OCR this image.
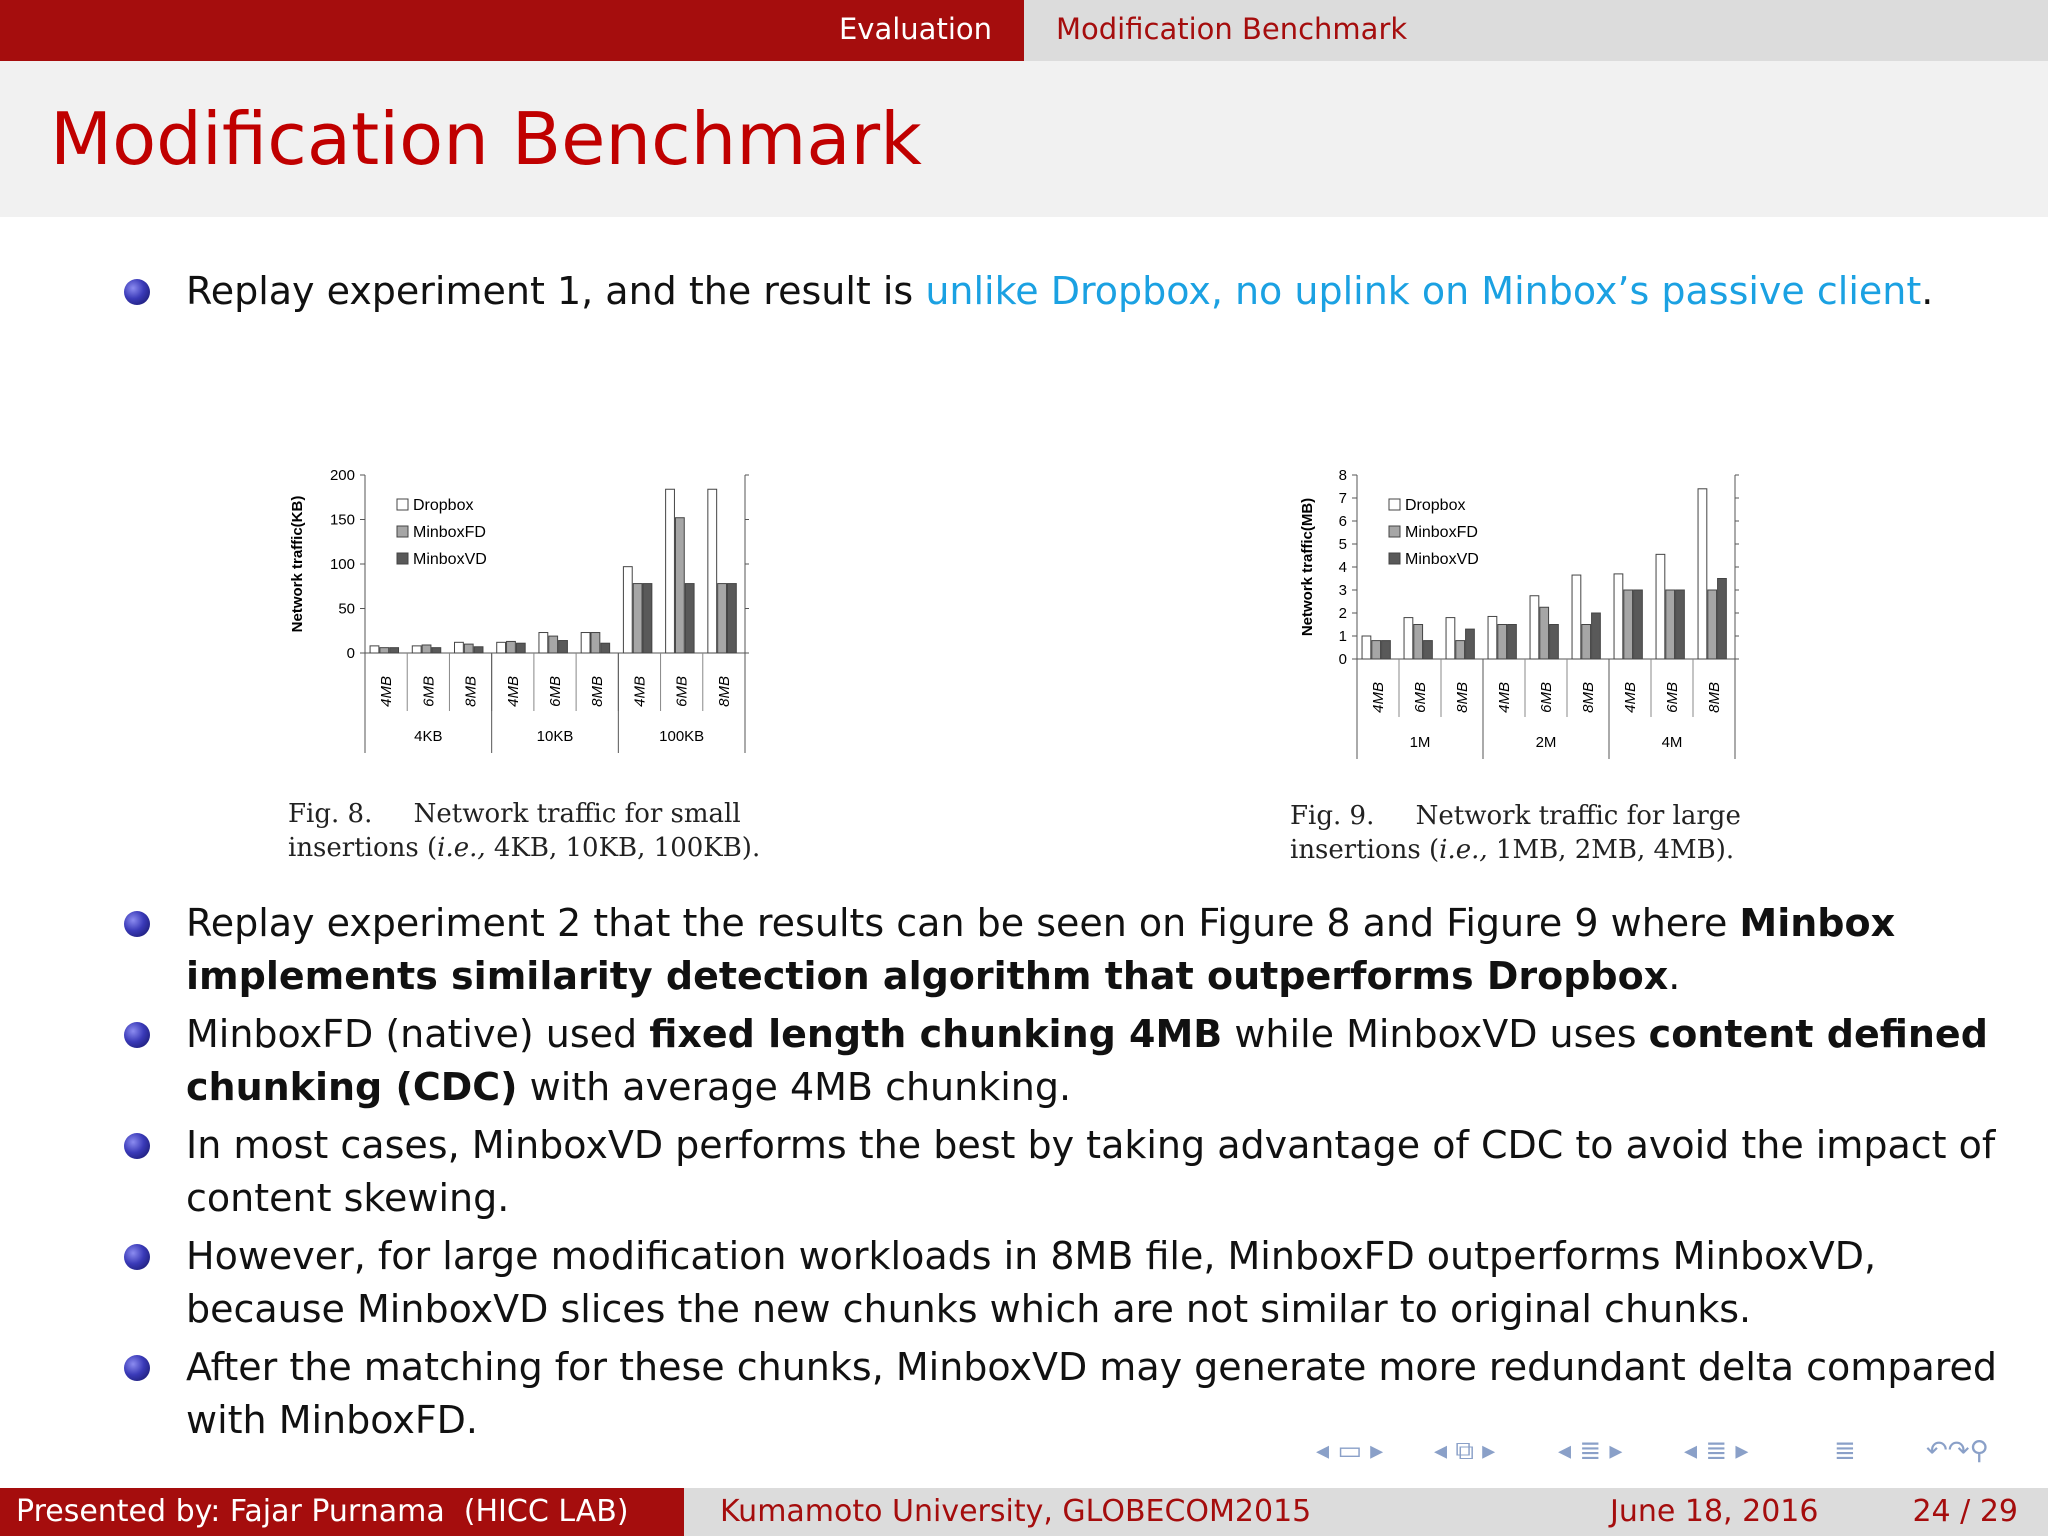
Evaluation Modification Benchmark
Modification Benchmark
Replay experiment 1, and the result is unlike Dropbox, no uplink on Minbox’s passive client.
Network traffic(KB)
0
50
100
150
200
4MB 6MB 8MB 4MB 6MB 8MB 4MB 6MB 8MB
4KB	10KB	100KB
Dropbox
MinboxFD
MinboxVD
Fig. 8.     Network traffic for small
insertions (i.e., 4KB, 10KB, 100KB).
Network traffic(MB)
0
1
2
3
4
5
6
7
8
4MB 6MB 8MB 4MB 6MB 8MB 4MB 6MB 8MB
1M	2M	4M
Dropbox
MinboxFD
MinboxVD
Fig. 9.     Network traffic for large
insertions (i.e., 1MB, 2MB, 4MB).
Replay experiment 2 that the results can be seen on Figure 8 and Figure 9 where Minbox implements similarity detection algorithm that outperforms Dropbox.
MinboxFD (native) used fixed length chunking 4MB while MinboxVD uses content defined chunking (CDC) with average 4MB chunking.
In most cases, MinboxVD performs the best by taking advantage of CDC to avoid the impact of content skewing.
However, for large modification workloads in 8MB file, MinboxFD outperforms MinboxVD, because MinboxVD slices the new chunks which are not similar to original chunks.
After the matching for these chunks, MinboxVD may generate more redundant delta compared with MinboxFD.
◂ ▭ ▸ ◂ ⧉ ▸ ◂ ≣ ▸ ◂ ≣ ▸	≣	↶↷⚲
Presented by: Fajar Purnama  (HICC LAB)	Kumamoto University, GLOBECOM2015	June 18, 2016	24 / 29
